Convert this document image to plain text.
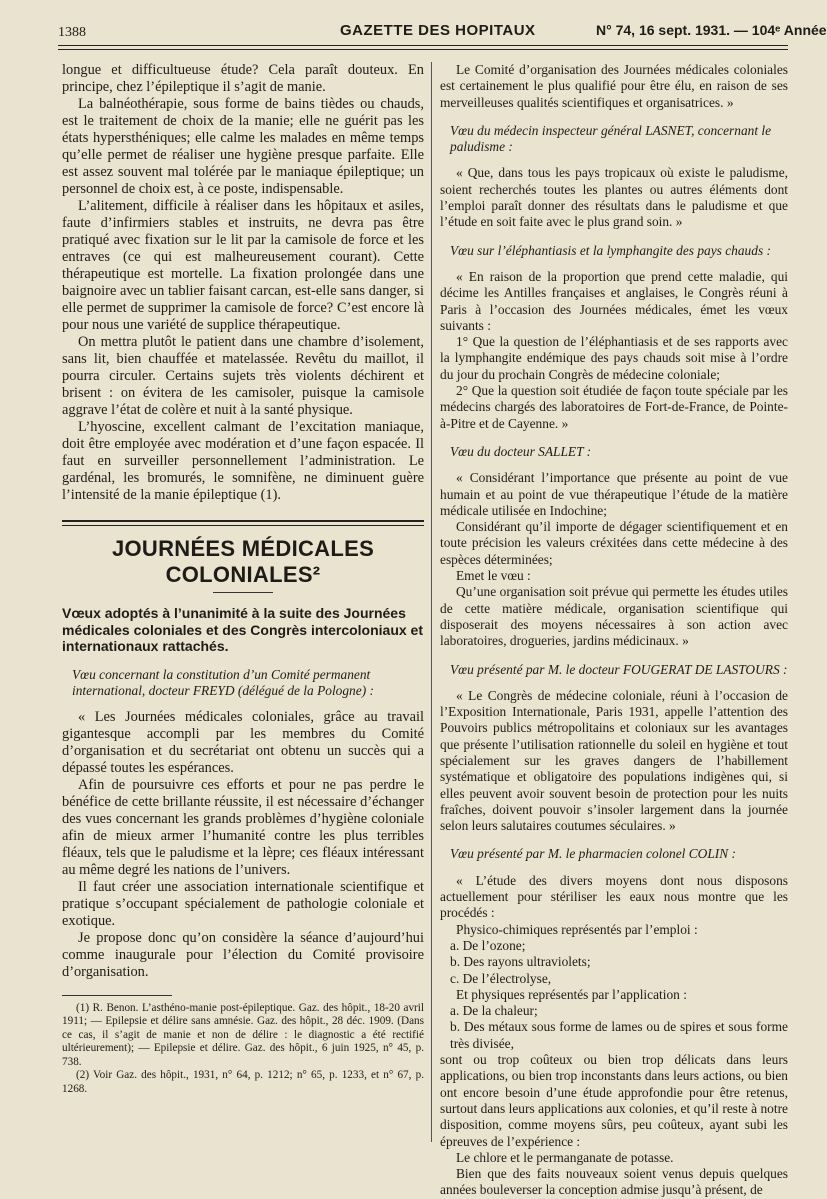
1388	GAZETTE DES HOPITAUX	N° 74, 16 sept. 1931. — 104ᵉ Année

longue et difficultueuse étude? Cela paraît douteux. En principe, chez l’épileptique il s’agit de manie.

La balnéothérapie, sous forme de bains tièdes ou chauds, est le traitement de choix de la manie; elle ne guérit pas les états hypersthéniques; elle calme les malades en même temps qu’elle permet de réaliser une hygiène presque parfaite. Elle est assez souvent mal tolérée par le maniaque épileptique; un personnel de choix est, à ce poste, indispensable.

L’alitement, difficile à réaliser dans les hôpitaux et asiles, faute d’infirmiers stables et instruits, ne devra pas être pratiqué avec fixation sur le lit par la camisole de force et les entraves (ce qui est malheureusement courant). Cette thérapeutique est mortelle. La fixation prolongée dans une baignoire avec un tablier faisant carcan, est-elle sans danger, si elle permet de supprimer la camisole de force? C’est encore là pour nous une variété de supplice thérapeutique.

On mettra plutôt le patient dans une chambre d’isolement, sans lit, bien chauffée et matelassée. Revêtu du maillot, il pourra circuler. Certains sujets très violents déchirent et brisent : on évitera de les camisoler, puisque la camisole aggrave l’état de colère et nuit à la santé physique.

L’hyoscine, excellent calmant de l’excitation maniaque, doit être employée avec modération et d’une façon espacée. Il faut en surveiller personnellement l’administration. Le gardénal, les bromurés, le somnifène, ne diminuent guère l’intensité de la manie épileptique (1).

JOURNÉES MÉDICALES COLONIALES²

Vœux adoptés à l’unanimité à la suite des Journées médicales coloniales et des Congrès intercoloniaux et internationaux rattachés.

Vœu concernant la constitution d’un Comité permanent international, docteur FREYD (délégué de la Pologne) :

« Les Journées médicales coloniales, grâce au travail gigantesque accompli par les membres du Comité d’organisation et du secrétariat ont obtenu un succès qui a dépassé toutes les espérances.

Afin de poursuivre ces efforts et pour ne pas perdre le bénéfice de cette brillante réussite, il est nécessaire d’échanger des vues concernant les grands problèmes d’hygiène coloniale afin de mieux armer l’humanité contre les plus terribles fléaux, tels que le paludisme et la lèpre; ces fléaux intéressant au même degré les nations de l’univers.

Il faut créer une association internationale scientifique et pratique s’occupant spécialement de pathologie coloniale et exotique.

Je propose donc qu’on considère la séance d’aujourd’hui comme inaugurale pour l’élection du Comité provisoire d’organisation.

(1) R. Benon. L’asthéno-manie post-épileptique. Gaz. des hôpit., 18-20 avril 1911; — Epilepsie et délire sans amnésie. Gaz. des hôpit., 28 déc. 1909. (Dans ce cas, il s’agit de manie et non de délire : le diagnostic a été rectifié ultérieurement); — Epilepsie et délire. Gaz. des hôpit., 6 juin 1925, n° 45, p. 738.

(2) Voir Gaz. des hôpit., 1931, n° 64, p. 1212; n° 65, p. 1233, et n° 67, p. 1268.

Le Comité d’organisation des Journées médicales coloniales est certainement le plus qualifié pour être élu, en raison de ses merveilleuses qualités scientifiques et organisatrices. »

Vœu du médecin inspecteur général LASNET, concernant le paludisme :

« Que, dans tous les pays tropicaux où existe le paludisme, soient recherchés toutes les plantes ou autres éléments dont l’emploi paraît donner des résultats dans le paludisme et que l’étude en soit faite avec le plus grand soin. »

Vœu sur l’éléphantiasis et la lymphangite des pays chauds :

« En raison de la proportion que prend cette maladie, qui décime les Antilles françaises et anglaises, le Congrès réuni à Paris à l’occasion des Journées médicales, émet les vœux suivants :

1° Que la question de l’éléphantiasis et de ses rapports avec la lymphangite endémique des pays chauds soit mise à l’ordre du jour du prochain Congrès de médecine coloniale;

2° Que la question soit étudiée de façon toute spéciale par les médecins chargés des laboratoires de Fort-de-France, de Pointe-à-Pitre et de Cayenne. »

Vœu du docteur SALLET :

« Considérant l’importance que présente au point de vue humain et au point de vue thérapeutique l’étude de la matière médicale utilisée en Indochine;

Considérant qu’il importe de dégager scientifiquement et en toute précision les valeurs créxitées dans cette médecine à des espèces déterminées;

Emet le vœu :

Qu’une organisation soit prévue qui permette les études utiles de cette matière médicale, organisation scientifique qui disposerait des moyens nécessaires à son action avec laboratoires, drogueries, jardins médicinaux. »

Vœu présenté par M. le docteur FOUGERAT DE LASTOURS :

« Le Congrès de médecine coloniale, réuni à l’occasion de l’Exposition Internationale, Paris 1931, appelle l’attention des Pouvoirs publics métropolitains et coloniaux sur les avantages que présente l’utilisation rationnelle du soleil en hygiène et tout spécialement sur les graves dangers de l’habillement systématique et obligatoire des populations indigènes qui, si elles peuvent avoir souvent besoin de protection pour les nuits fraîches, doivent pouvoir s’insoler largement dans la journée selon leurs salutaires coutumes séculaires. »

Vœu présenté par M. le pharmacien colonel COLIN :

« L’étude des divers moyens dont nous disposons actuellement pour stériliser les eaux nous montre que les procédés :

Physico-chimiques représentés par l’emploi :

a. De l’ozone;

b. Des rayons ultraviolets;

c. De l’électrolyse,

Et physiques représentés par l’application :

a. De la chaleur;

b. Des métaux sous forme de lames ou de spires et sous forme très divisée,

sont ou trop coûteux ou bien trop délicats dans leurs applications, ou bien trop inconstants dans leurs actions, ou bien ont encore besoin d’une étude approfondie pour être retenus, surtout dans leurs applications aux colonies, et qu’il reste à notre disposition, comme moyens sûrs, peu coûteux, ayant subi les épreuves de l’expérience :

Le chlore et le permanganate de potasse.

Bien que des faits nouveaux soient venus depuis quelques années bouleverser la conception admise jusqu’à présent, de
